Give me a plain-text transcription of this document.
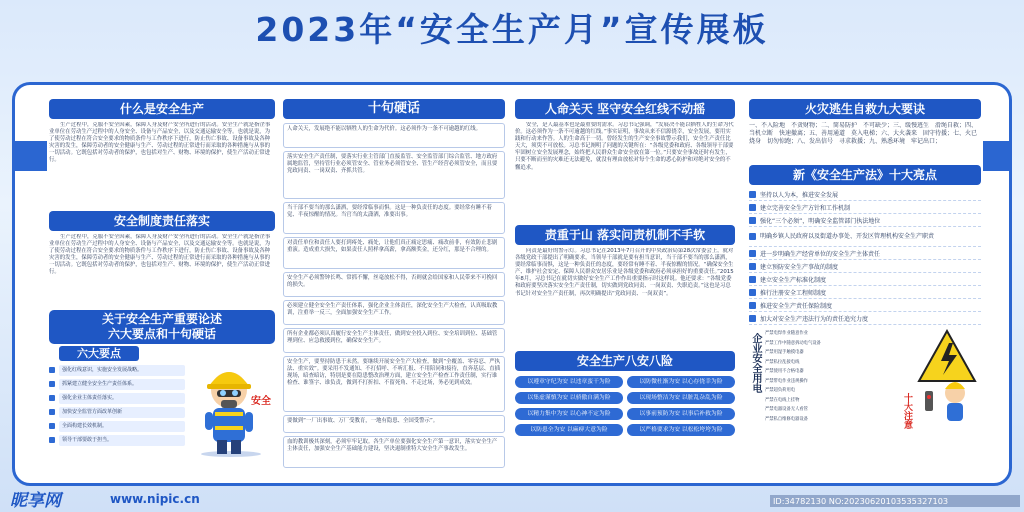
2023年“安全生产月”宣传展板
什么是安全生产
生产过程中，克服不安全因素，保障人身及财产安全所进行的活动。安全生产就是指企事业单位在劳动生产过程中的人身安全、设备与产品安全，以及交通运输安全等。也就是说，为了使劳动过程在符合安全要求的物质条件与工作秩序下进行，防止伤亡事故、设备事故及各种灾害的发生，保障劳动者的安全健康与生产、劳动过程的正常进行而采取的各种措施与从事的一切活动。它既包括对劳动者的保护，也包括对生产、财物、环境的保护，使生产活动正常进行。
安全制度责任落实
生产过程中，克服不安全因素，保障人身及财产安全所进行的活动。安全生产就是指企事业单位在劳动生产过程中的人身安全、设备与产品安全，以及交通运输安全等。也就是说，为了使劳动过程在符合安全要求的物质条件与工作秩序下进行，防止伤亡事故、设备事故及各种灾害的发生，保障劳动者的安全健康与生产、劳动过程的正常进行而采取的各种措施与从事的一切活动。它既包括对劳动者的保护，也包括对生产、财物、环境的保护，使生产活动正常进行。
关于安全生产重要论述
六大要点和十句硬话
六大要点
强化红线意识，实施安全发展战略。
抓紧建立健全安全生产责任体系。
强化企业主体责任落实。
加快安全监管方面改革创新
全面构建长效机制。
领导干部要敢于担当。
安全
十句硬话
人命关天，发展绝不能以牺牲人的生命为代价。这必须作为一条不可逾越的红线。
落实安全生产责任制，要落实行业主管部门直接监管、安全监管部门综合监管、地方政府属地监管，坚持管行业必须管安全、管业务必须管安全、管生产经营必须管安全，而且要党政同责、一岗双责、齐抓共管。
当干部不要当的那么潇洒，要经常临事而惧。这是一种负责任的态度。要经常有睡不着觉、半夜惊醒的情况。当官当的太潇洒，准要出事。
对责任单位和责任人要打到疼处、痛处，让他们真正痛定思痛、痛改前非，有效防止悲剧重演。造成重大损失，如果责任人照样拿高薪，拿高额奖金，还分红，那是不合理的。
安全生产必须警钟长鸣、常抓不懈，丝毫放松不得，否则就会给国家和人民带来不可挽回的损失。
必须建立健全安全生产责任体系，强化企业主体责任，深化安全生产大检查，认真吸取教训，注重举一反三，全面加强安全生产工作。
所有企业都必须认真履行安全生产主体责任，做到安全投入到位、安全培训到位、基础管理到位、应急救援到位，确保安全生产。
安全生产，要坚持防患于未然。要继续开展安全生产大检查，做到“全覆盖、零容忍、严执法、重实效”。要采用不发通知、不打招呼、不听汇报、不用陪同和接待，直奔基层、直插现场，暗查暗访，特别是要在隐患整改治理方面，建立安全生产检查工作责任制，实行谁检查、谁签字、谁负责，做到不打折扣、不留死角、不走过场，务必见到成效。
要做到“一厂出事故、万厂受教育，一地有隐患、全国受警示”。
血的教训极其深刻，必须牢牢记取。各生产单位要强化安全生产第一意识，落实安全生产主体责任，加强安全生产基础能力建设，坚决遏制重特大安全生产事故发生。
人命关天 坚守安全红线不动摇
安全，是人最基本也是最重要的需求。习总书记强调，“发展决不能以牺牲人的生命为代价。这必须作为一条不可逾越的红线。”事实证明，事故从来不信源侥幸，安全发展，要用实践和行动来作答。人的生命高于一切。曾经发生的生产安全事故警示我们，安全生产责任比天大，须臾不可放松。习总书记阐明了问题的关键所在：“各级党委和政府、各级领导干部要牢固树立安全发展理念，始终把人民群众生命安全放在第一位。”只要安全事故还时有发生，只要不断而至的灾难还无法避免，就没有理由放松对每个生命的悉心防护和对绝对安全的不懈追求。
责重于山 落实问责机制不手软
问责是最好的警示灯。习总书记在2013年7月召开的中央政治局第28次常委会上，就对各级党政干部提出了明确要求，当领导干部就是要有担当意识，当干部不要当的那么潇洒，要经常临事而惧，这是一种负责任的态度，要经常有睡不着、半夜惊醒的情况。“确保安全生产、维护社会安定、保障人民群众安居乐业是各级党委和政府必须承担好的重要责任。”2015年8月，习总书记在就切实做好安全生产工作作出重要指示时这样说。他还要求：“各级党委和政府要坚决落实安全生产责任制，切实做到党政同责、一岗双责、失职追责。”这也是习总书记针对安全生产责任制，再次明确提出“党政同责、一岗双责”。
安全生产八安八险
以遵章守纪为安 以违章蛮干为险	以防微杜渐为安 以心存侥幸为险
以集虚谨慎为安 以骄傲自满为险	以现场整洁为安 以脏乱杂乱为险
以精力集中为安 以心神不定为险	以事前预防为安 以事后补救为险
以防患全为安 以麻痹大意为险	以严格要求为安 以松松垮垮为险
火灾逃生自救九大要诀
一、不入险地　不贪财物；二、简易防护　不可缺少；三、缓慢逃生　滑绳自救；四、当机立断　快速撤离；五、善用通道　莫入电梯；六、大火袭来　固守待援；七、火已烧身　切勿惊跑；八、发出信号　寻求救援；九、熟悉环境　牢记出口；
新《安全生产法》十大亮点
坚持以人为本，推进安全发展
建立完善安全生产方针和工作机制
强化“三个必须”，明确安全监管部门执法地位
明确乡镇人民政府以及街道办事处、开发区管理机构安全生产职责
进一步明确生产经营单位的安全生产主体责任
建立预防安全生产事故的制度
建立安全生产标准化制度
推行注册安全工程师制度
推进安全生产责任保险制度
加大对安全生产违法行为的责任追究力度
企业安全用电 严禁电焊作业随意作业
严禁工作中随意拆动电气设备
严禁用湿手触摸电器
严禁私拉乱接电线
严禁使用不合格电器
严禁带电作业违规操作
严禁超负荷用电
严禁在电线上挂物
严禁电器设备无人看管
严禁私自维修电器设备	十大注意
昵享网	www.nipic.cn	ID:34782130 NO:20230620103535327103
